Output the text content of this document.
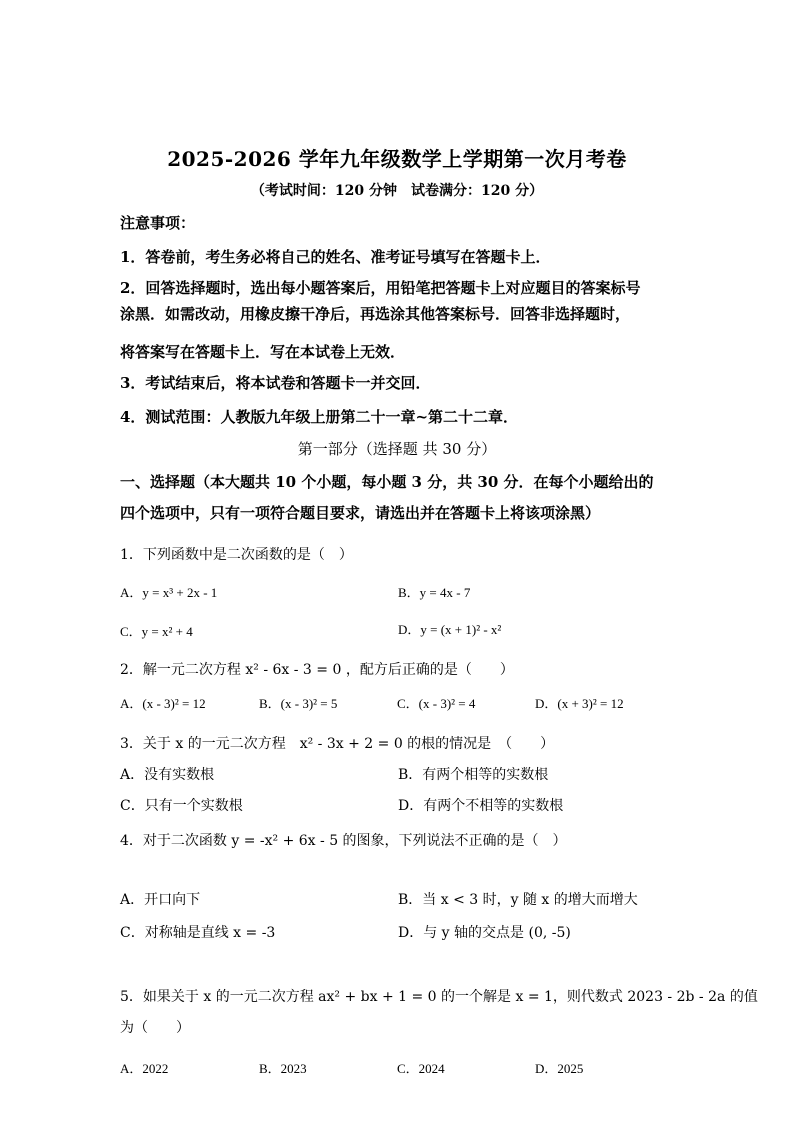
2025-2026 学年九年级数学上学期第一次月考卷
（考试时间：120 分钟　试卷满分：120 分）
注意事项：
1．答卷前，考生务必将自己的姓名、准考证号填写在答题卡上．
2．回答选择题时，选出每小题答案后，用铅笔把答题卡上对应题目的答案标号
涂黑．如需改动，用橡皮擦干净后，再选涂其他答案标号．回答非选择题时，
将答案写在答题卡上．写在本试卷上无效．
3．考试结束后，将本试卷和答题卡一并交回．
4．测试范围：人教版九年级上册第二十一章~第二十二章．
第一部分（选择题 共 30 分）
一、选择题（本大题共 10 个小题，每小题 3 分，共 30 分．在每个小题给出的
四个选项中，只有一项符合题目要求，请选出并在答题卡上将该项涂黑）
1．下列函数中是二次函数的是（　）
A．y = x³ + 2x - 1	B．y = 4x - 7
C．y = x² + 4	D．y = (x + 1)² - x²
2．解一元二次方程 x² - 6x - 3 = 0 ，配方后正确的是（　　）
A．(x - 3)² = 12	B．(x - 3)² = 5	C．(x - 3)² = 4	D．(x + 3)² = 12
3．关于 x 的一元二次方程　x² - 3x + 2 = 0 的根的情况是　（　　）
A．没有实数根	B．有两个相等的实数根
C．只有一个实数根	D．有两个不相等的实数根
4．对于二次函数 y = -x² + 6x - 5 的图象，下列说法不正确的是（　）
A．开口向下	B．当 x < 3 时，y 随 x 的增大而增大
C．对称轴是直线 x = -3	D．与 y 轴的交点是 (0, -5)
5．如果关于 x 的一元二次方程 ax² + bx + 1 = 0 的一个解是 x = 1，则代数式 2023 - 2b - 2a 的值
为（　　）
A．2022	B．2023	C．2024	D．2025
